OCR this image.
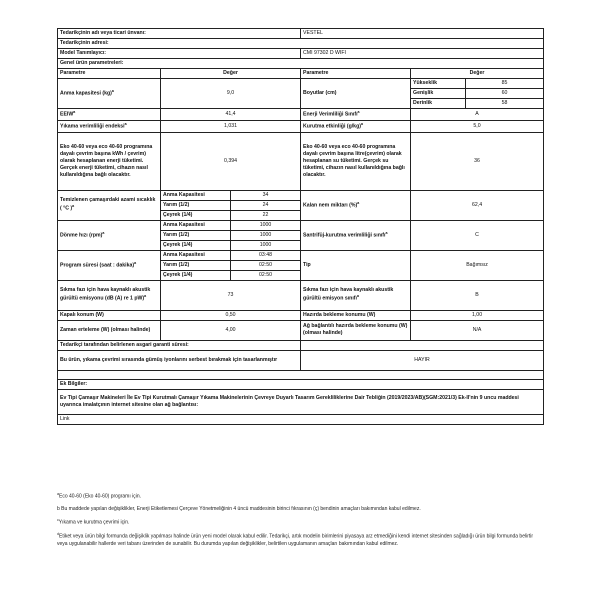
Tedarikçinin adı veya ticari ünvanı:			VESTEL		
Tedarikçinin adresi:					
Model Tanımlayıcı:			CMI 97302 D WIFI		
Genel ürün parametreleri:					
Parametre	Değer		Parametre	Değer	
Anma kapasitesi (kg)$^a$	9,0		Boyutlar (cm)	Yükseklik	85
				Genişlik	60
				Derinlik	58
EEIW$^a$	41,4		Enerji Verimliliği Sınıfı$^a$	A	
Yıkama verimliliği endeksi$^a$	1,031		Kurutma etkinliği $(g/kg)^a$	5,0	
Eko 40-60 veya eco 40-60 programına dayalı çevrim başına kWh / çevrim) olarak hesaplanan enerji tüketimi. Gerçek enerji tüketimi, cihazın nasıl kullanıldığına bağlı olacaktır.	0,394		Eko 40-60 veya eco 40-60 programına dayalı çevrim başına litre(çevrim) olarak hesaplanan su tüketimi. Gerçek su tüketimi, cihazın nasıl kullanıldığına bağlı olacaktır.	36	
Temizlenen çamaşırdaki azami sıcaklık ( °C )$^a$	Anma Kapasitesi	34	Kalan nem miktarı (%)$^a$	62,4	
	Yarım (1/2)	24			
	Çeyrek (1/4)	22			
Dönme hızı (rpm)$^a$	Anma Kapasitesi	1000	Santrifüj-kurutma verimliliği sınıfı$^a$	C	
	Yarım (1/2)	1000			
	Çeyrek (1/4)	1000			
Program süresi (saat : dakika)$^a$	Anma Kapasitesi	03:48	Tip	Bağımsız	
	Yarım (1/2)	02:50			
	Çeyrek (1/4)	02:50			
Sıkma fazı için hava kaynaklı akustik gürültü emisyonu (dB (A) re 1 pW)$^a$	73		Sıkma fazı için hava kaynaklı akustik gürültü emisyon sınıfı$^a$	B	
Kapalı konum (W)	0,50		Hazırda bekleme konumu (W)	1,00	
Zaman erteleme (W) (olması halinde)	4,00		Ağ bağlantılı hazırda bekleme konumu (W) (olması halinde)	N/A	
Tedarikçi tarafından belirlenen asgari garanti süresi:					
Bu ürün, yıkama çevrimi sırasında gümüş iyonlarını serbest bırakmak için tasarlanmıştır			HAYIR		

Ek Bilgiler:					
Ev Tipi Çamaşır Makineleri İle Ev Tipi Kurutmalı Çamaşır Yıkama Makinelerinin Çevreye Duyarlı Tasarım Gerekliliklerine Dair Tebliğin (2019/2023/AB)(SGM:2021/3) Ek-II'nin 9 uncu maddesi uyarınca imalatçının internet sitesine olan ağ bağlantısı:					
Link					

$^a$Eco 40-60 (Eko 40-60) programı için.

b Bu maddede yapılan değişiklikler, Enerji Etiketlemesi Çerçeve Yönetmeliğinin 4 üncü maddesinin birinci fıkrasının (ç) bendinin amaçları bakımından kabul edilmez.

$^c$Yıkama ve kurutma çevrimi için.

$^d$Etiket veya ürün bilgi formunda değişiklik yapılması halinde ürün yeni model olarak kabul edilir. Tedarikçi, artık modelin birimlerini piyasaya arz etmediğini kendi internet sitesinden sağladığı ürün bilgi formunda belirtir veya uygulanabilir hallerde veri tabanı üzerinden de sunabilir. Bu durumda yapılan değişiklikler, belirtilen uygulamanın amaçları bakımından kabul edilmez.
